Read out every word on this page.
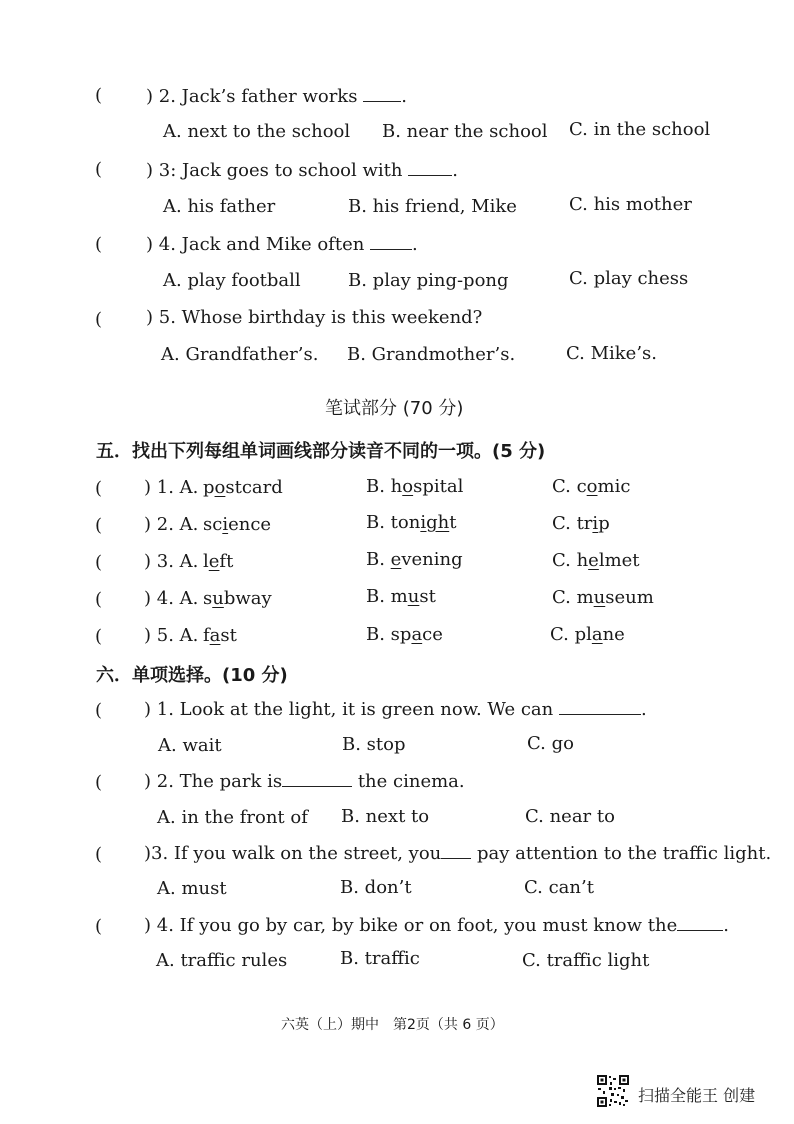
( ) 2. Jack’s father works .
A. next to the school B. near the school C. in the school
( ) 3: Jack goes to school with	.
A. his father	B. his friend, Mike	C. his mother
( ) 4. Jack and Mike often	.
A. play football	B. play ping-pong	C. play chess
( ) 5. Whose birthday is this weekend?
A. Grandfather’s. B. Grandmother’s.	C. Mike’s.
笔试部分 (70 分)
五．找出下列每组单词画线部分读音不同的一项。(5 分)
( ) 1. A. postcard	B. hospital	C. comic
( ) 2. A. science	B. tonight	C. trip
( ) 3. A. left	B. evening	C. helmet
( ) 4. A. subway	B. must	C. museum
( ) 5. A. fast	B. space	C. plane
六．单项选择。(10 分)
( ) 1. Look at the light, it is green now. We can	.
A. wait	B. stop	C. go
( ) 2. The park is	the cinema.
A. in the front of B. next to	C. near to
( )3. If you walk on the street, you pay attention to the traffic light.
A. must	B. don’t	C. can’t
( ) 4. If you go by car, by bike or on foot, you must know the	.
A. traffic rules	B. traffic	C. traffic light
六英（上）期中　第2页（共 6 页）
扫描全能王 创建
